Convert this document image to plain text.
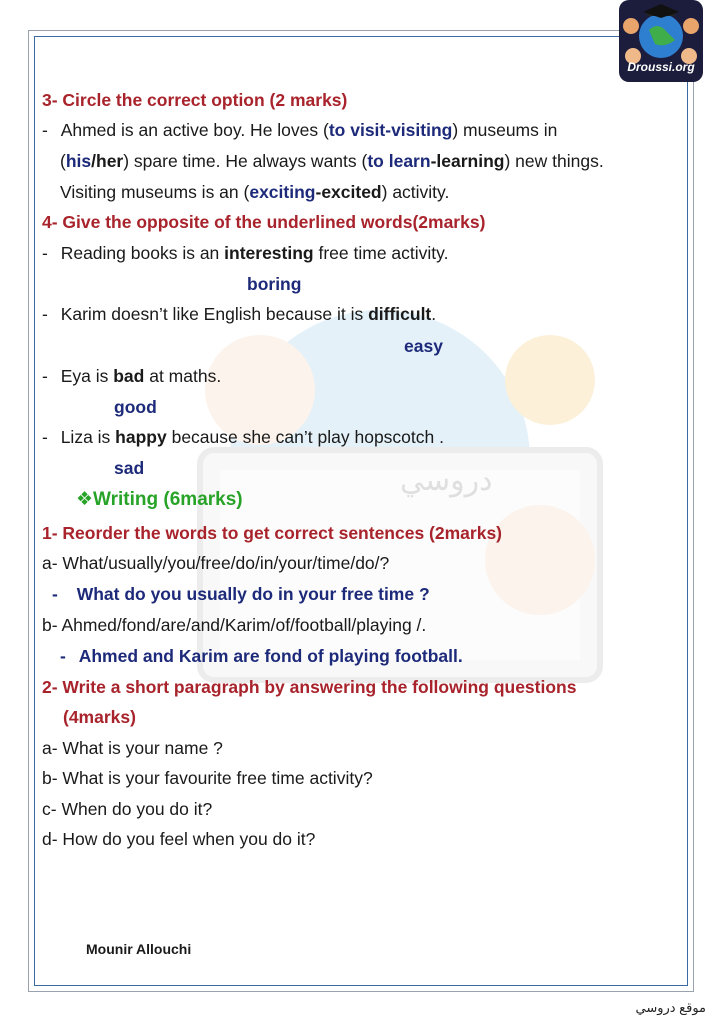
دروسي
Droussi.org
3- Circle the correct option (2 marks)
- Ahmed is an active boy. He loves (to visit-visiting) museums in
(his/her) spare time. He always wants (to learn-learning) new things.
Visiting museums is an (exciting-excited) activity.
4- Give the opposite of the underlined words(2marks)
- Reading books is an interesting free time activity.
boring
- Karim doesn’t like English because it is difficult.
easy
- Eya is bad at maths.
good
- Liza is happy because she can’t play hopscotch .
sad
❖Writing (6marks)
1- Reorder the words to get correct sentences (2marks)
a- What/usually/you/free/do/in/your/time/do/?
- What do you usually do in your free time ?
b- Ahmed/fond/are/and/Karim/of/football/playing /.
- Ahmed and Karim are fond of playing football.
2- Write a short paragraph by answering the following questions
(4marks)
a- What is your name ?
b- What is your favourite free time activity?
c- When do you do it?
d- How do you feel when you do it?
Mounir Allouchi
موقع دروسي
